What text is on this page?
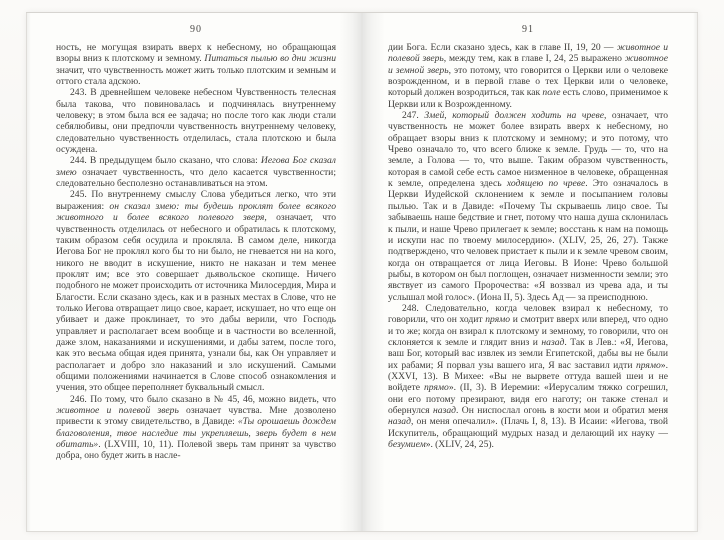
90

ность, не могущая взирать вверх к небесному, но обращающая взоры вниз к плотскому и земному. Питаться пылью во дни жизни значит, что чувственность может жить только плотским и земным и оттого стала адскою.

243. В древнейшем человеке небесном Чувственность телесная была такова, что повиновалась и подчинялась внутреннему человеку; в этом была вся ее задача; но после того как люди стали себялюбивы, они предпочли чувственность внутреннему человеку, следовательно чувственность отделилась, стала плотскою и была осуждена.

244. В предыдущем было сказано, что слова: Иегова Бог сказал змею означает чувственность, что дело касается чувственности; следовательно бесполезно останавливаться на этом.

245. По внутреннему смыслу Слова убедиться легко, что эти выражения: он сказал змею: ты будешь проклят более всякого животного и более всякого полевого зверя, означает, что чувственность отделилась от небесного и обратилась к плотскому, таким образом себя осудила и прокляла. В самом деле, никогда Иегова Бог не проклял кого бы то ни было, не гневается ни на кого, никого не вводит в искушение, никто не наказан и тем менее проклят им; все это совершает дьявольское скопище. Ничего подобного не может происходить от источника Милосердия, Мира и Благости. Если сказано здесь, как и в разных местах в Слове, что не только Иегова отвращает лицо свое, карает, искушает, но что еще он убивает и даже проклинает, то это дабы верили, что Господь управляет и располагает всем вообще и в частности во вселенной, даже злом, наказаниями и искушениями, и дабы затем, после того, как это весьма общая идея принята, узнали бы, как Он управляет и располагает и добро зло наказаний и зло искушений. Самыми общими положениями начинается в Слове способ ознакомления и учения, это общее переполняет буквальный смысл.

246. По тому, что было сказано в № 45, 46, можно видеть, что животное и полевой зверь означает чувства. Мне дозволено привести к этому свидетельство, в Давиде: «Ты орошаешь дождем благоволения, твое наследие ты укрепляешь, зверь будет в нем обитать». (LXVIII, 10, 11). Полевой зверь там принят за чувство добра, оно будет жить в насле-

91

дии Бога. Если сказано здесь, как в главе II, 19, 20 — животное и полевой зверь, между тем, как в главе I, 24, 25 выражено животное и земной зверь, это потому, что говорится о Церкви или о человеке возрожденном, и в первой главе о тех Церкви или о человеке, который должен возродиться, так как поле есть слово, применимое к Церкви или к Возрожденному.

247. Змей, который должен ходить на чреве, означает, что чувственность не может более взирать вверх к небесному, но обращает взоры вниз к плотскому и земному; и это потому, что Чрево означало то, что всего ближе к земле. Грудь — то, что на земле, а Голова — то, что выше. Таким образом чувственность, которая в самой себе есть самое низменное в человеке, обращенная к земле, определена здесь ходящею по чреве. Это означалось в Церкви Иудейской склонением к земле и посыпанием головы пылью. Так и в Давиде: «Почему Ты скрываешь лицо свое. Ты забываешь наше бедствие и гнет, потому что наша душа склонилась к пыли, и наше Чрево прилегает к земле; восстань к нам на помощь и искупи нас по твоему милосердию». (XLIV, 25, 26, 27). Также подтверждено, что человек пристает к пыли и к земле чревом своим, когда он отвращается от лица Иеговы. В Ионе: Чрево большой рыбы, в котором он был поглощен, означает низменности земли; это явствует из самого Пророчества: «Я воззвал из чрева ада, и ты услышал мой голос». (Иона II, 5). Здесь Ад — за преисподнюю.

248. Следовательно, когда человек взирал к небесному, то говорили, что он ходит прямо и смотрит вверх или вперед, что одно и то же; когда он взирал к плотскому и земному, то говорили, что он склоняется к земле и глядит вниз и назад. Так в Лев.: «Я, Иегова, ваш Бог, который вас извлек из земли Египетской, дабы вы не были их рабами; Я порвал узы вашего ига, Я вас заставил идти прямо». (XXVI, 13). В Михее: «Вы не вырвете оттуда вашей шеи и не войдете прямо». (II, 3). В Иеремии: «Иерусалим тяжко согрешил, они его потому презирают, видя его наготу; он также стенал и обернулся назад. Он ниспослал огонь в кости мои и обратил меня назад, он меня опечалил». (Плачь I, 8, 13). В Исаии: «Иегова, твой Искупитель, обращающий мудрых назад и делающий их науку — безумием». (XLIV, 24, 25).
